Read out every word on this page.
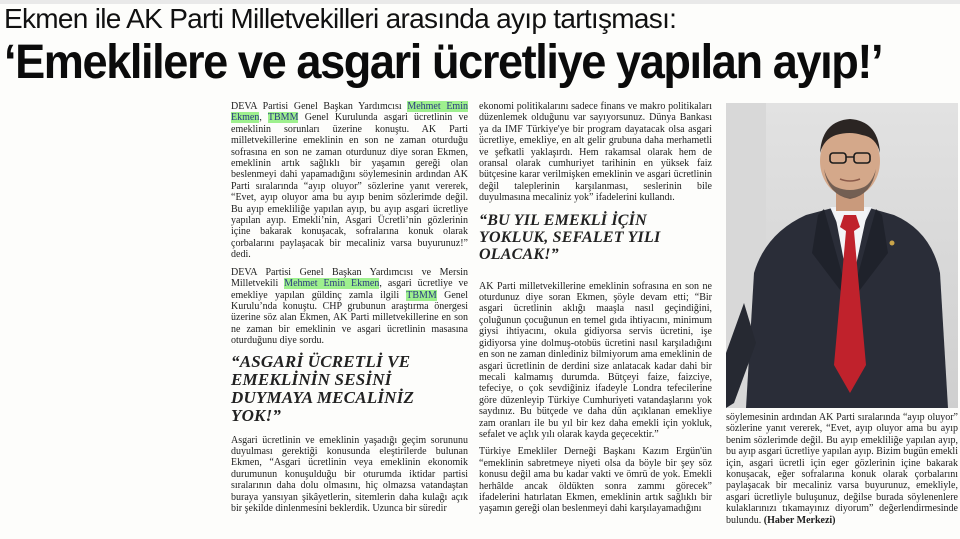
Ekmen ile AK Parti Milletvekilleri arasında ayıp tartışması:
‘Emeklilere ve asgari ücretliye yapılan ayıp!’

DEVA Partisi Genel Başkan Yardımcısı Mehmet Emin Ekmen, TBMM Genel Kurulunda asgari ücretlinin ve emeklinin sorunları üzerine konuştu. AK Parti milletvekillerine emeklinin en son ne zaman oturduğu sofrasına en son ne zaman oturdunuz diye soran Ekmen, emeklinin artık sağlıklı bir yaşamın gereği olan beslenmeyi dahi yapamadığını söylemesinin ardından AK Parti sıralarında “ayıp oluyor” sözlerine yanıt vererek, “Evet, ayıp oluyor ama bu ayıp benim sözlerimde değil. Bu ayıp emekliliğe yapılan ayıp, bu ayıp asgari ücretliye yapılan ayıp. Emekli’nin, Asgari Ücretli’nin gözlerinin içine bakarak konuşacak, sofralarına konuk olarak çorbalarını paylaşacak bir mecaliniz varsa buyurunuz!” dedi.

DEVA Partisi Genel Başkan Yardımcısı ve Mersin Milletvekili Mehmet Emin Ekmen, asgari ücretliye ve emekliye yapılan güldinç zamla ilgili TBMM Genel Kurulu’nda konuştu. CHP grubunun araştırma önergesi üzerine söz alan Ekmen, AK Parti milletvekillerine en son ne zaman bir emeklinin ve asgari ücretlinin masasına oturduğunu diye sordu.

“ASGARİ ÜCRETLİ VE EMEKLİNİN SESİNİ DUYMAYA MECALİNİZ YOK!”

Asgari ücretlinin ve emeklinin yaşadığı geçim sorununu duyulması gerektiği konusunda eleştirilerde bulunan Ekmen, “Asgari ücretlinin veya emeklinin ekonomik durumunun konuşulduğu bir oturumda iktidar partisi sıralarının daha dolu olmasını, hiç olmazsa vatandaştan buraya yansıyan şikâyetlerin, sitemlerin daha kulağı açık bir şekilde dinlenmesini beklerdik. Uzunca bir süredir

ekonomi politikalarını sadece finans ve makro politikaları düzenlemek olduğunu var sayıyorsunuz. Dünya Bankası ya da IMF Türkiye'ye bir program dayatacak olsa asgari ücretliye, emekliye, en alt gelir grubuna daha merhametli ve şefkatli yaklaşırdı. Hem rakamsal olarak hem de oransal olarak cumhuriyet tarihinin en yüksek faiz bütçesine karar verilmişken emeklinin ve asgari ücretlinin değil taleplerinin karşılanması, seslerinin bile duyulmasına mecaliniz yok” ifadelerini kullandı.

“BU YIL EMEKLİ İÇİN YOKLUK, SEFALET YILI OLACAK!”

AK Parti milletvekillerine emeklinin sofrasına en son ne oturdunuz diye soran Ekmen, şöyle devam etti; “Bir asgari ücretlinin aklığı maaşla nasıl geçindiğini, çoluğunun çocuğunun en temel gıda ihtiyacını, minimum giysi ihtiyacını, okula gidiyorsa servis ücretini, işe gidiyorsa yine dolmuş-otobüs ücretini nasıl karşıladığını en son ne zaman dinlediniz bilmiyorum ama emeklinin de asgari ücretlinin de derdini size anlatacak kadar dahi bir mecali kalmamış durumda. Bütçeyi faize, faizciye, tefeciye, o çok sevdiğiniz ifadeyle Londra tefecilerine göre düzenleyip Türkiye Cumhuriyeti vatandaşlarını yok saydınız. Bu bütçede ve daha dün açıklanan emekliye zam oranları ile bu yıl bir kez daha emekli için yokluk, sefalet ve açlık yılı olarak kayda geçecektir.”

Türkiye Emekliler Derneği Başkanı Kazım Ergün'ün “emeklinin sabretmeye niyeti olsa da böyle bir şey söz konusu değil ama bu kadar vakti ve ömrü de yok. Emekli herhâlde ancak öldükten sonra zammı görecek” ifadelerini hatırlatan Ekmen, emeklinin artık sağlıklı bir yaşamın gereği olan beslenmeyi dahi karşılayamadığını

söylemesinin ardından AK Parti sıralarında “ayıp oluyor” sözlerine yanıt vererek, “Evet, ayıp oluyor ama bu ayıp benim sözlerimde değil. Bu ayıp emekliliğe yapılan ayıp, bu ayıp asgari ücretliye yapılan ayıp. Bizim bugün emekli için, asgari ücretli için eger gözlerinin içine bakarak konuşacak, eğer sofralarına konuk olarak çorbalarını paylaşacak bir mecaliniz varsa buyurunuz, emekliyle, asgari ücretliyle buluşunuz, değilse burada söylenenlere kulaklarınızı tıkamayınız diyorum” değerlendirmesinde bulundu. (Haber Merkezi)
